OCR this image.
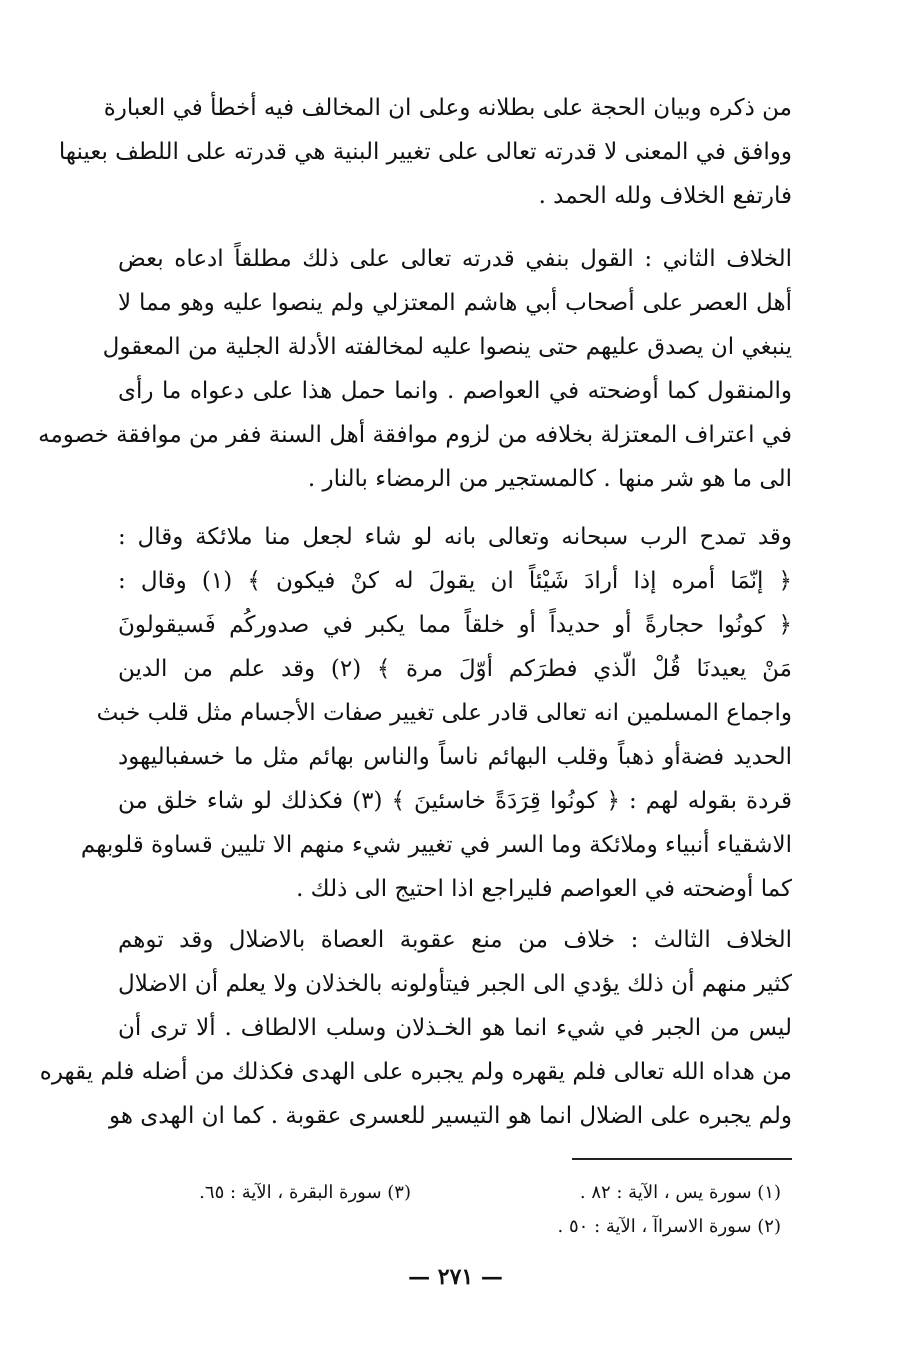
من ذكره وبيان الحجة على بطلانه وعلى ان المخالف فيه أخطأ في العبارة
ووافق في المعنى لا قدرته تعالى على تغيير البنية هي قدرته على اللطف بعينها
فارتفع الخلاف ولله الحمد .
الخلاف الثاني : القول بنفي قدرته تعالى على ذلك مطلقاً ادعاه بعض
أهل العصر على أصحاب أبي هاشم المعتزلي ولم ينصوا عليه وهو مما لا
ينبغي ان يصدق عليهم حتى ينصوا عليه لمخالفته الأدلة الجلية من المعقول
والمنقول كما أوضحته في العواصم . وانما حمل هذا على دعواه ما رأى
في اعتراف المعتزلة بخلافه من لزوم موافقة أهل السنة ففر من موافقة خصومه
الى ما هو شر منها . كالمستجير من الرمضاء بالنار .
وقد تمدح الرب سبحانه وتعالى بانه لو شاء لجعل منا ملائكة وقال :
﴿ إنّمَا أمره إذا أرادَ شَيْئاً ان يقولَ له كنْ فيكون ﴾ (١) وقال :
﴿ كونُوا حجارةً أو حديداً أو خلقاً مما يكبر في صدوركُم فَسيقولونَ
مَنْ يعيدنَا قُلْ الّذي فطرَكم أوّلَ مرة ﴾ (٢) وقد علم من الدين
واجماع المسلمين انه تعالى قادر على تغيير صفات الأجسام مثل قلب خبث
الحديد فضةأو ذهباً وقلب البهائم ناساً والناس بهائم مثل ما خسفباليهود
قردة بقوله لهم : ﴿ كونُوا قِرَدَةً خاسئينَ ﴾ (٣) فكذلك لو شاء خلق من
الاشقياء أنبياء وملائكة وما السر في تغيير شيء منهم الا تليين قساوة قلوبهم
كما أوضحته في العواصم فليراجع اذا احتيج الى ذلك .
الخلاف الثالث : خلاف من منع عقوبة العصاة بالاضلال وقد توهم
كثير منهم أن ذلك يؤدي الى الجبر فيتأولونه بالخذلان ولا يعلم أن الاضلال
ليس من الجبر في شيء انما هو الخـذلان وسلب الالطاف . ألا ترى أن
من هداه الله تعالى فلم يقهره ولم يجبره على الهدى فكذلك من أضله فلم يقهره
ولم يجبره على الضلال انما هو التيسير للعسرى عقوبة . كما ان الهدى هو
(١) سورة يس ، الآية : ٨٢ .
(٢) سورة الاسراآ ، الآية : ٥٠ .
(٣) سورة البقرة ، الآية : ٦٥.
— ٢٧١ —
